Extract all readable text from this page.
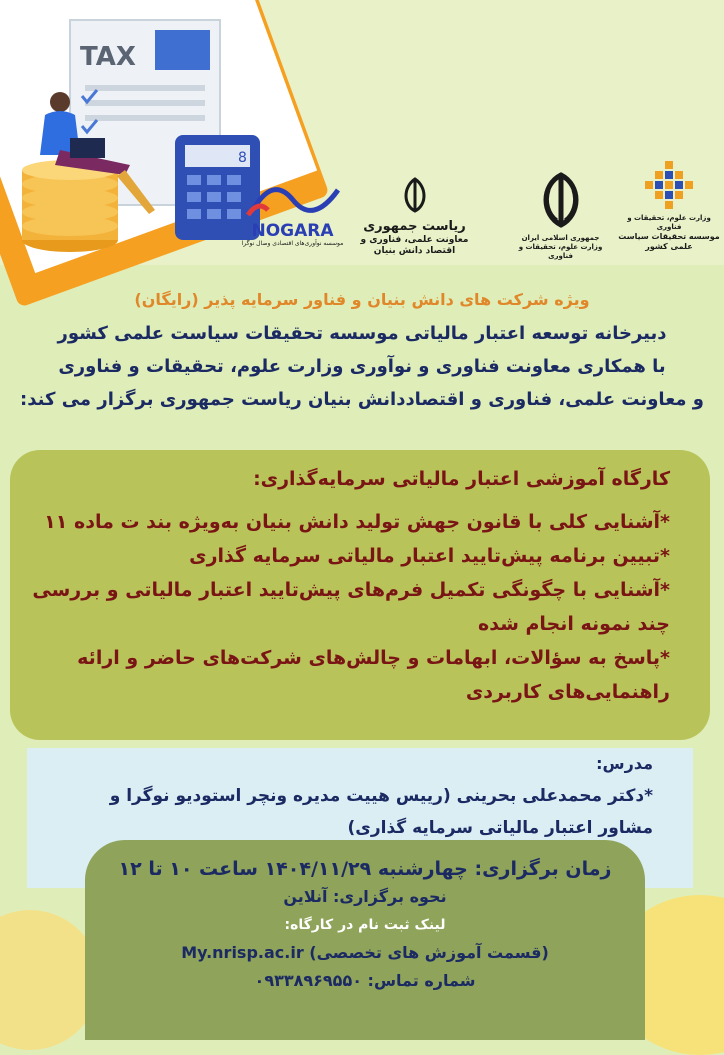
TAX
8
NOGARA
موسسه نوآوری‌های اقتصادی وصال نوگرا
ریاست جمهوری
معاونت علمی، فناوری و اقتصاد دانش بنیان
جمهوری اسلامی ایران
وزارت علوم، تحقیقات و فناوری
وزارت علوم، تحقیقات و فناوری
موسسه تحقیقات سیاست علمی کشور
ویژه شرکت های دانش بنیان و فناور سرمایه پذیر (رایگان)
دبیرخانه توسعه اعتبار مالیاتی موسسه تحقیقات سیاست علمی کشور
با همکاری معاونت فناوری و نوآوری وزارت علوم، تحقیقات و فناوری
و معاونت علمی، فناوری و اقتصاددانش بنیان ریاست جمهوری برگزار می کند:
کارگاه آموزشی اعتبار مالیاتی سرمایه‌گذاری:

*آشنایی کلی با قانون جهش تولید دانش بنیان به‌ویژه بند ت ماده ۱۱

*تبیین برنامه پیش‌تایید اعتبار مالیاتی سرمایه گذاری

*آشنایی با چگونگی تکمیل فرم‌های پیش‌تایید اعتبار مالیاتی و بررسی چند نمونه انجام شده

*پاسخ به سؤالات، ابهامات و چالش‌های شرکت‌های حاضر و ارائه راهنمایی‌های کاربردی

مدرس:
*دکتر محمدعلی بحرینی (رییس هییت مدیره ونچر استودیو نوگرا و
مشاور اعتبار مالیاتی سرمایه گذاری)
زمان برگزاری: چهارشنبه ۱۴۰۴/۱۱/۲۹ ساعت ۱۰ تا ۱۲
نحوه برگزاری: آنلاین
لینک ثبت نام در کارگاه:
My.nrisp.ac.ir (قسمت آموزش های تخصصی)
شماره تماس: ۰۹۳۳۸۹۶۹۵۵۰
